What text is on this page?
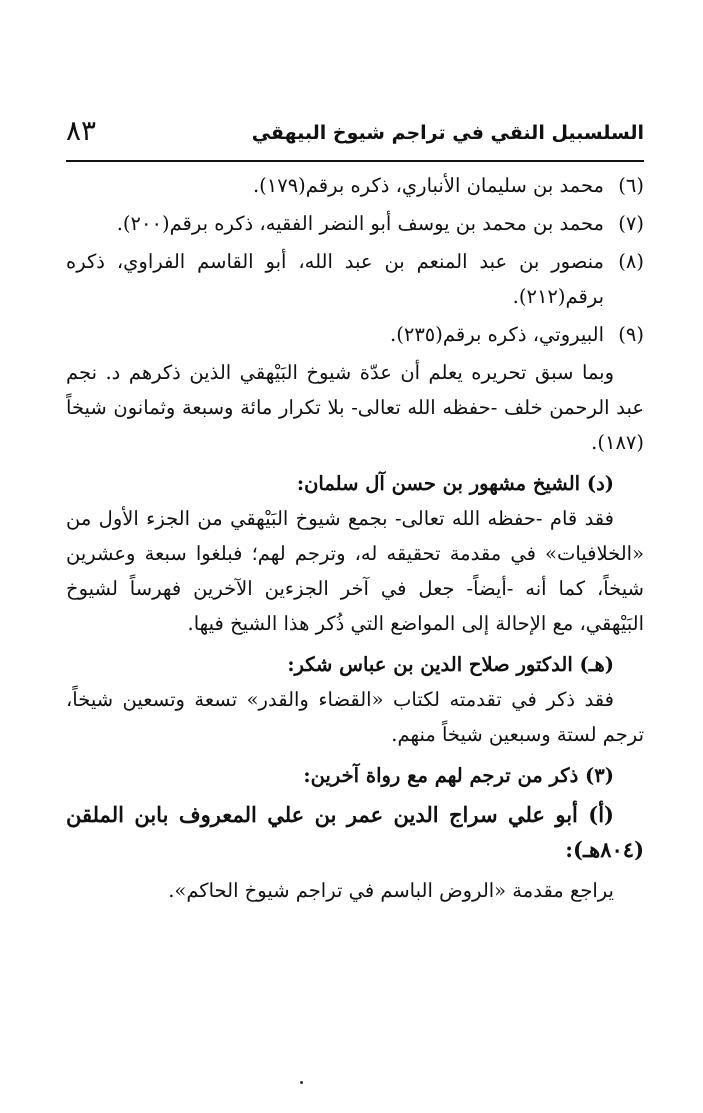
السلسبيل النقي في تراجم شيوخ البيهقي
٨٣

(٦)
محمد بن سليمان الأنباري، ذكره برقم(١٧٩).

(٧)
محمد بن محمد بن يوسف أبو النضر الفقيه، ذكره برقم(٢٠٠).

(٨)
منصور بن عبد المنعم بن عبد الله، أبو القاسم الفراوي، ذكره برقم(٢١٢).

(٩)
البيروتي، ذكره برقم(٢٣٥).

وبما سبق تحريره يعلم أن عدّة شيوخ البَيْهقي الذين ذكرهم د. نجم عبد الرحمن خلف -حفظه الله تعالى- بلا تكرار مائة وسبعة وثمانون شيخاً (١٨٧).

(د) الشيخ مشهور بن حسن آل سلمان:

فقد قام -حفظه الله تعالى- بجمع شيوخ البَيْهقي من الجزء الأول من «الخلافيات» في مقدمة تحقيقه له، وترجم لهم؛ فبلغوا سبعة وعشرين شيخاً، كما أنه -أيضاً- جعل في آخر الجزءين الآخرين فهرساً لشيوخ البَيْهقي، مع الإحالة إلى المواضع التي ذُكر هذا الشيخ فيها.

(هـ) الدكتور صلاح الدين بن عباس شكر:

فقد ذكر في تقدمته لكتاب «القضاء والقدر» تسعة وتسعين شيخاً، ترجم لستة وسبعين شيخاً منهم.

(٣) ذكر من ترجم لهم مع رواة آخرين:

(أ) أبو علي سراج الدين عمر بن علي المعروف بابن الملقن (٨٠٤هـ):

يراجع مقدمة «الروض الباسم في تراجم شيوخ الحاكم».
